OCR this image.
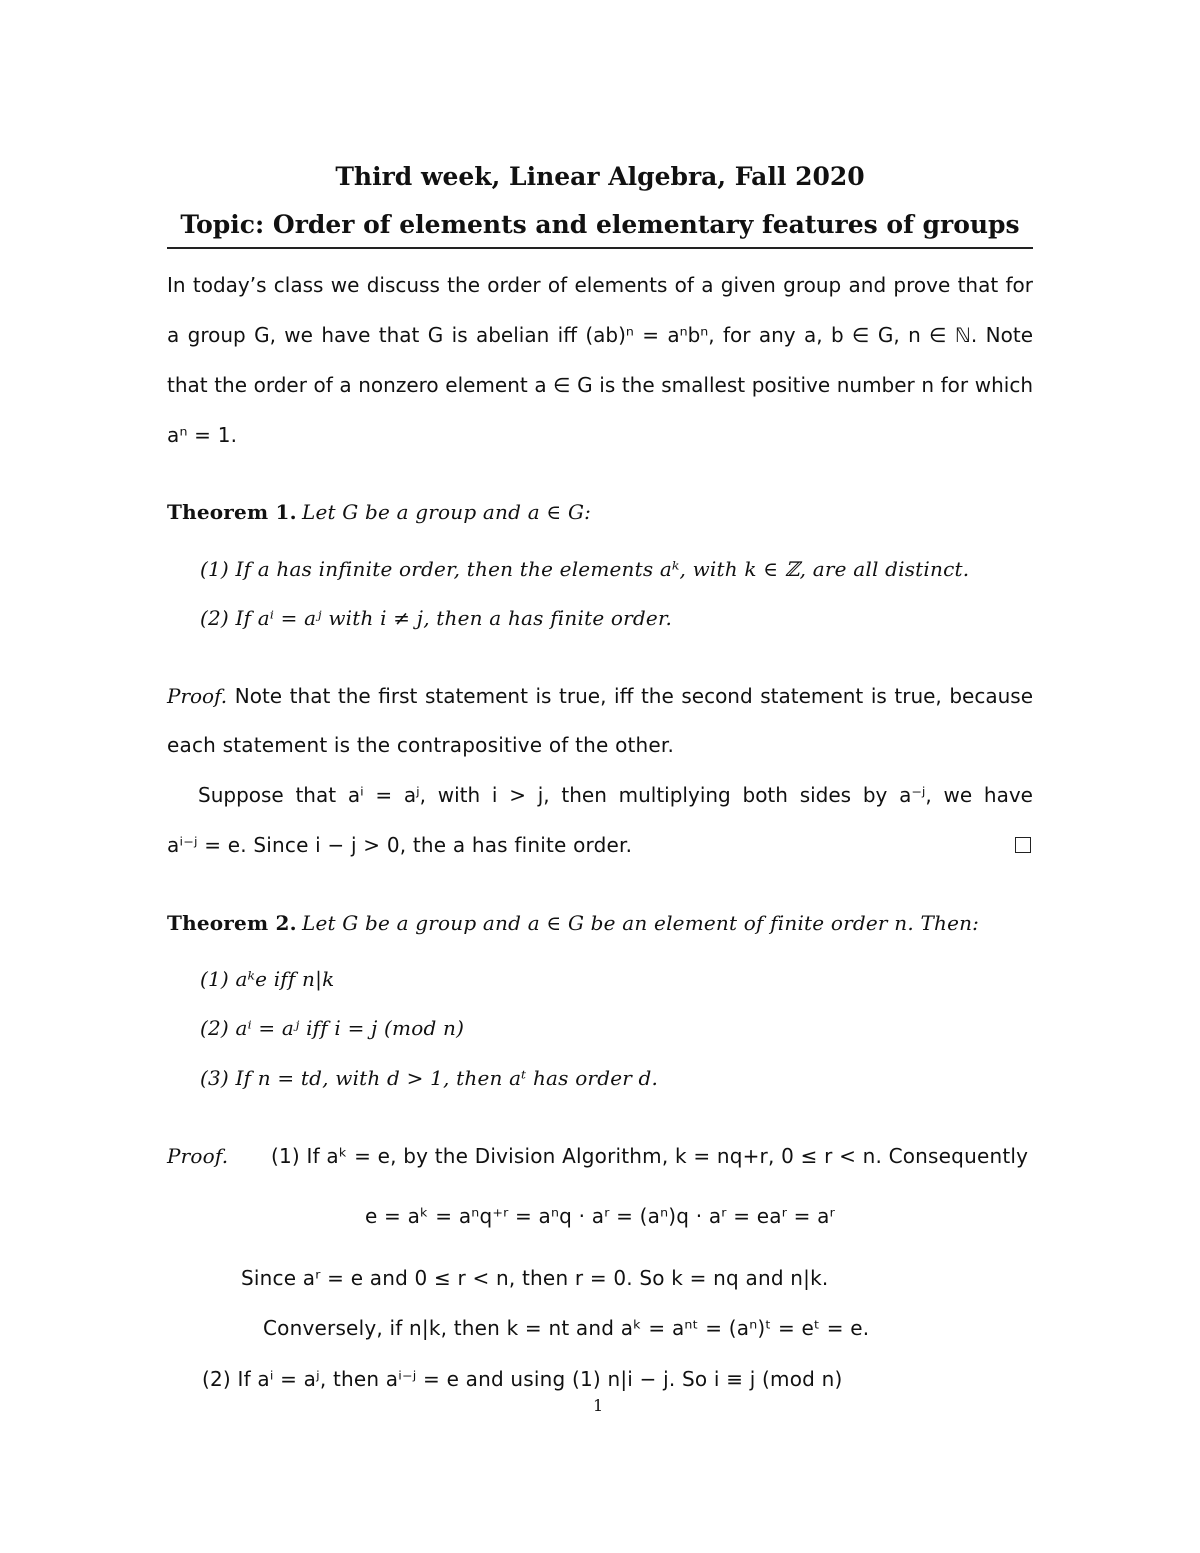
Third week, Linear Algebra, Fall 2020
Topic: Order of elements and elementary features of groups
In today’s class we discuss the order of elements of a given group and prove that for
a group G, we have that G is abelian iff (ab)ⁿ = aⁿbⁿ, for any a, b ∈ G, n ∈ ℕ. Note
that the order of a nonzero element a ∈ G is the smallest positive number n for which
aⁿ = 1.
Theorem 1. Let G be a group and a ∈ G:
(1) If a has infinite order, then the elements aᵏ, with k ∈ ℤ, are all distinct.
(2) If aⁱ = aʲ with i ≠ j, then a has finite order.
Proof. Note that the first statement is true, iff the second statement is true, because
each statement is the contrapositive of the other.
Suppose that aⁱ = aʲ, with i > j, then multiplying both sides by a⁻ʲ, we have
aⁱ⁻ʲ = e. Since i − j > 0, the a has finite order.
Theorem 2. Let G be a group and a ∈ G be an element of finite order n. Then:
(1) aᵏe iff n|k
(2) aⁱ = aʲ iff i = j (mod n)
(3) If n = td, with d > 1, then aᵗ has order d.
Proof. (1) If aᵏ = e, by the Division Algorithm, k = nq+r, 0 ≤ r < n. Consequently
e = aᵏ = aⁿq⁺ʳ = aⁿq · aʳ = (aⁿ)q · aʳ = eaʳ = aʳ
Since aʳ = e and 0 ≤ r < n, then r = 0. So k = nq and n|k.
Conversely, if n|k, then k = nt and aᵏ = aⁿᵗ = (aⁿ)ᵗ = eᵗ = e.
(2) If aⁱ = aʲ, then aⁱ⁻ʲ = e and using (1) n|i − j. So i ≡ j (mod n)
1
